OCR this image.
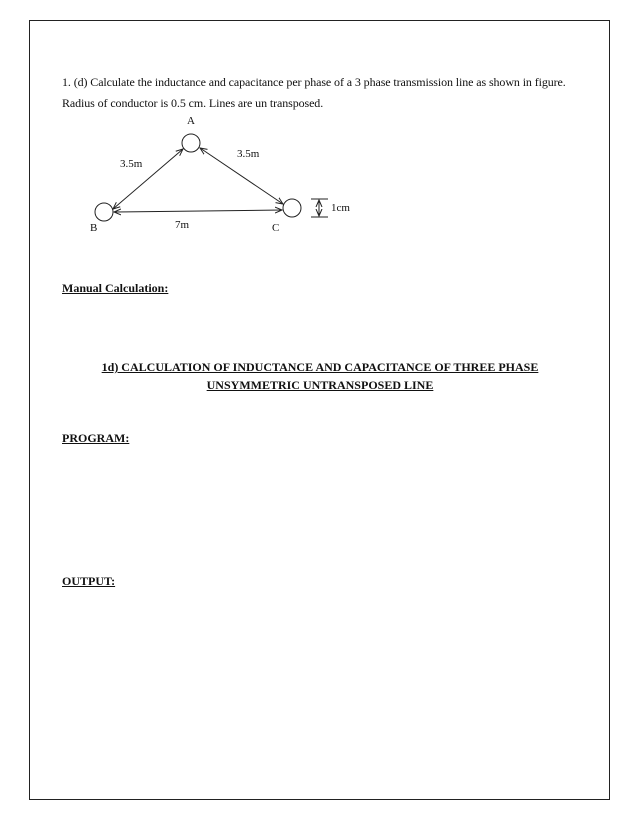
1. (d) Calculate the inductance and capacitance per phase of a 3 phase transmission line as shown in figure. Radius of conductor is 0.5 cm. Lines are un transposed.
A
B	C
3.5m
3.5m
7m
1cm
Manual Calculation:
1d) CALCULATION OF INDUCTANCE AND CAPACITANCE OF THREE PHASE
UNSYMMETRIC UNTRANSPOSED LINE
PROGRAM:
OUTPUT:
